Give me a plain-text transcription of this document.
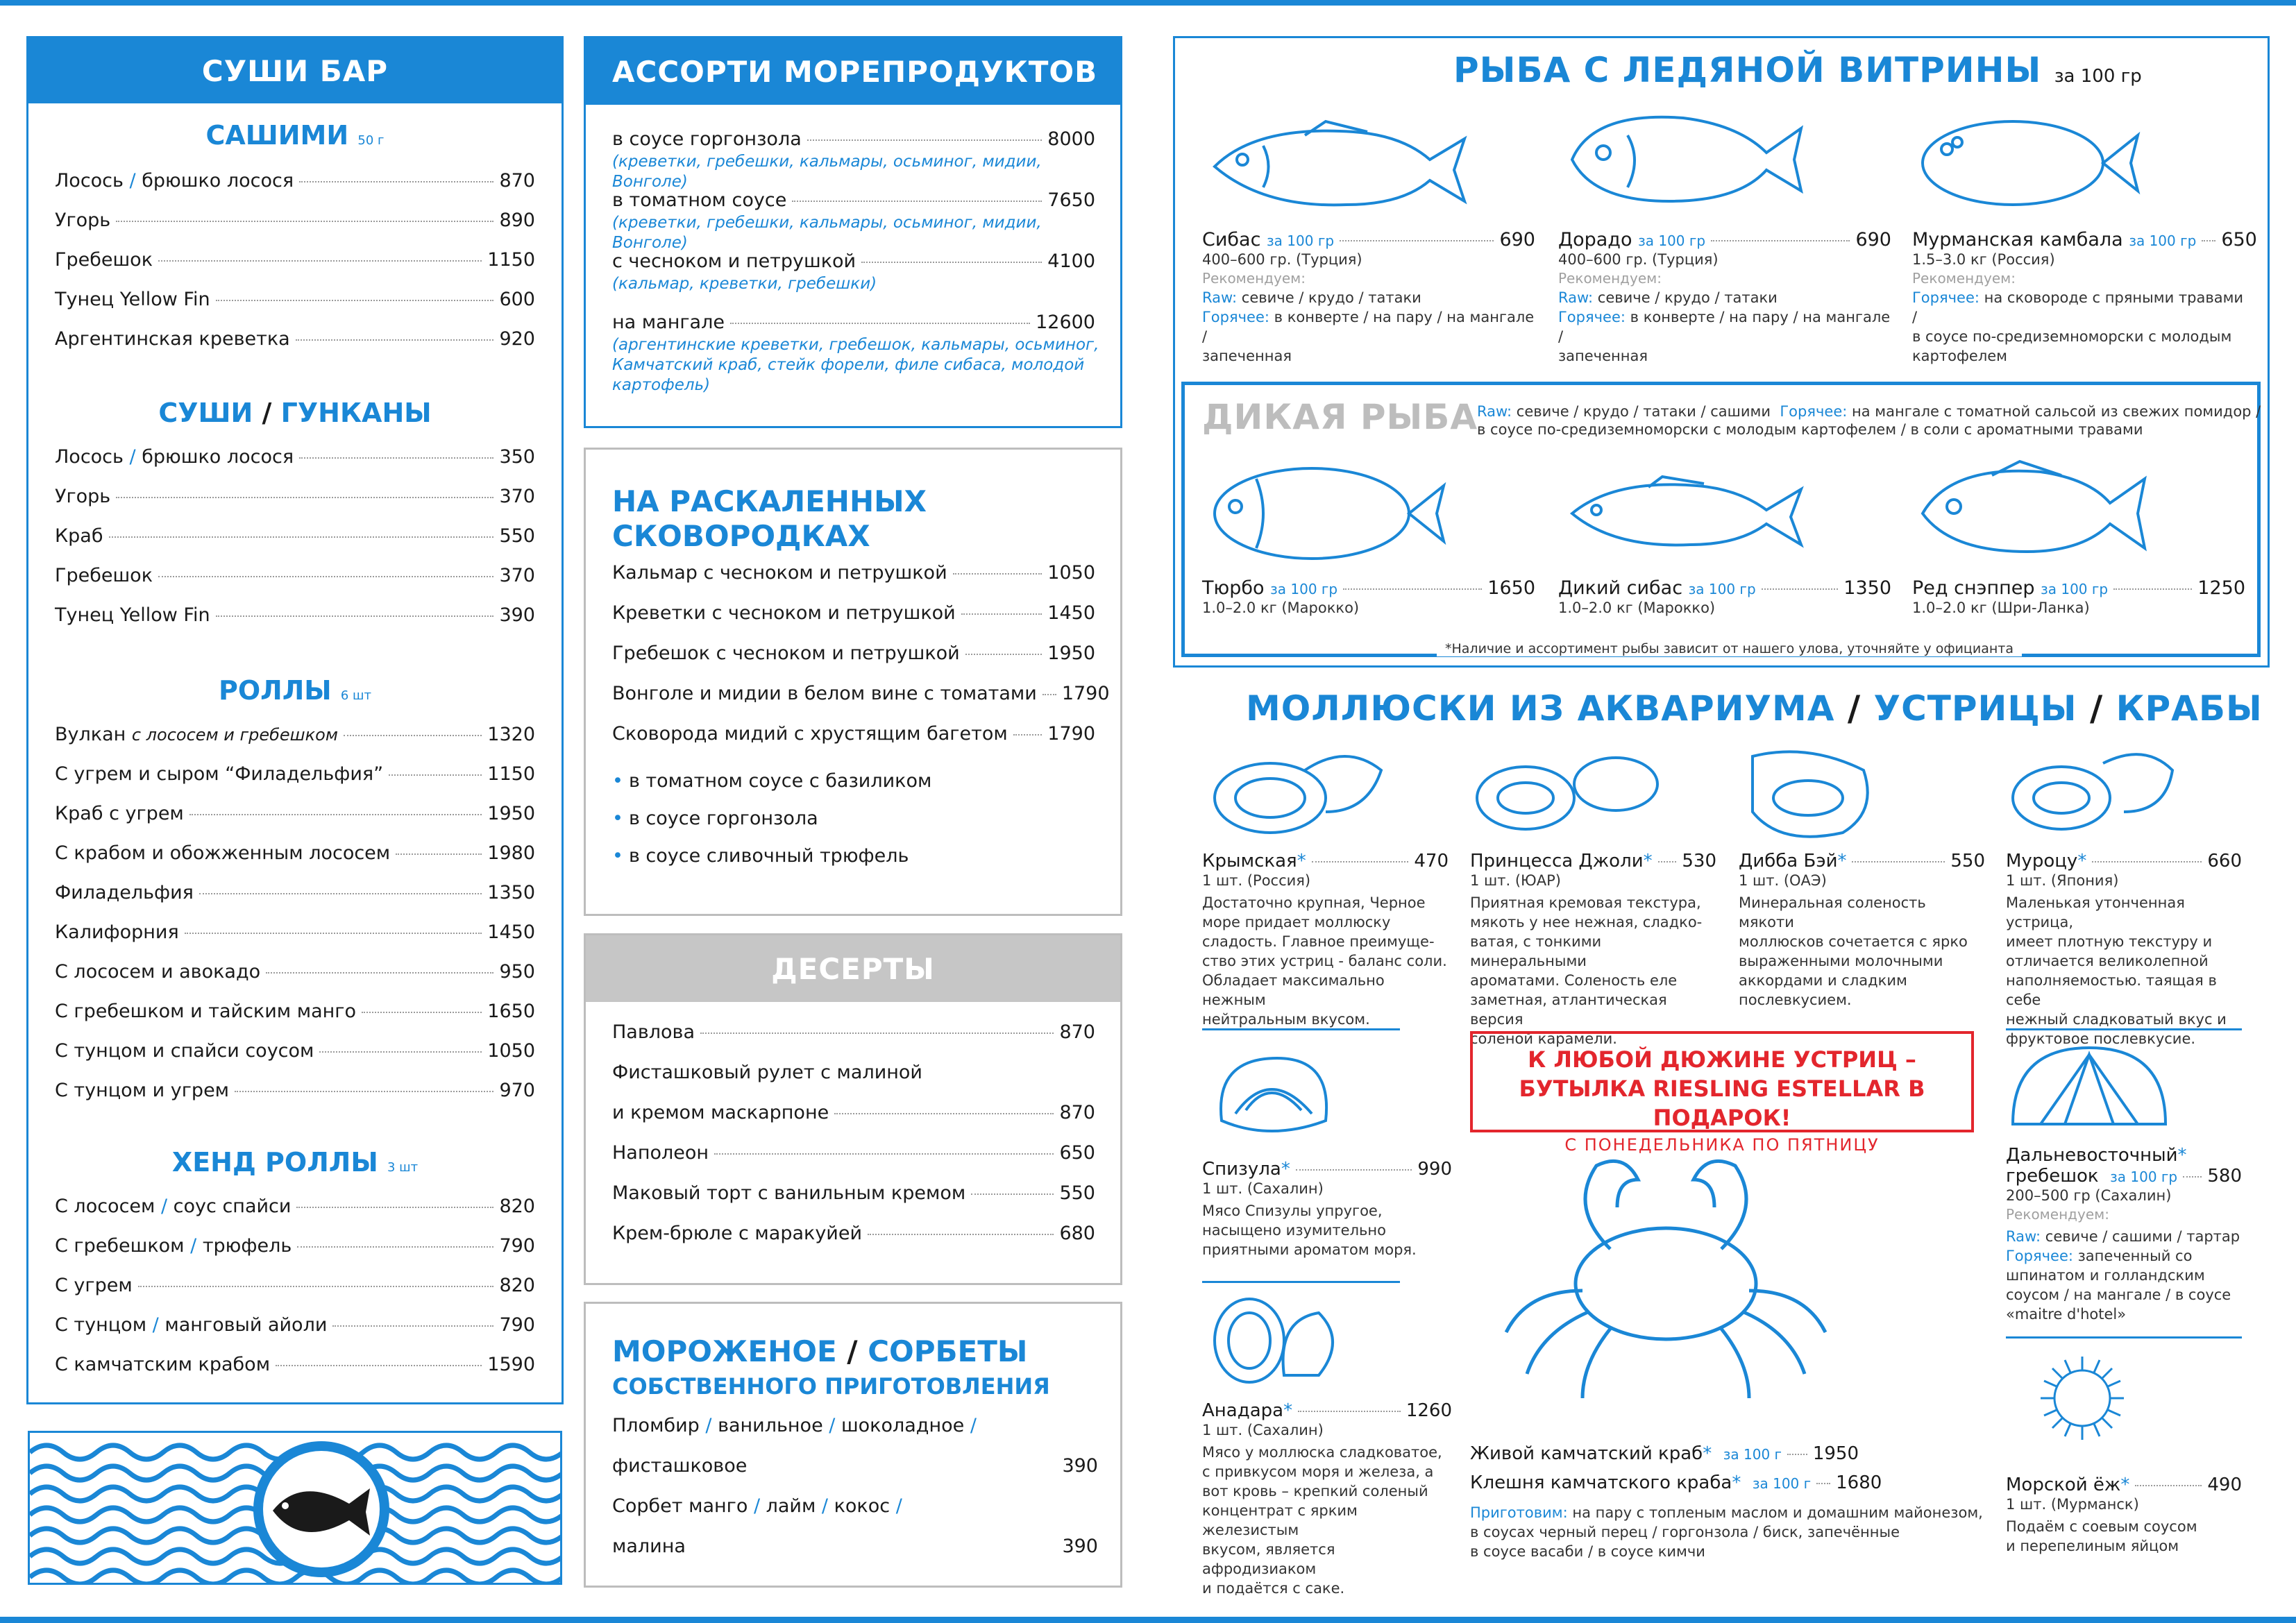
СУШИ БАР
САШИМИ 50 г
Лосось / брюшко лосося	870
Угорь	890
Гребешок	1150
Тунец Yellow Fin	600
Аргентинская креветка	920
СУШИ / ГУНКАНЫ
Лосось / брюшко лосося	350
Угорь	370
Краб	550
Гребешок	370
Тунец Yellow Fin	390
РОЛЛЫ 6 шт
Вулкан с лососем и гребешком	1320
С угрем и сыром “Филадельфия”	1150
Краб с угрем	1950
С крабом и обожженным лососем	1980
Филадельфия	1350
Калифорния	1450
С лососем и авокадо	950
С гребешком и тайским манго	1650
С тунцом и спайси соусом	1050
С тунцом и угрем	970
ХЕНД РОЛЛЫ 3 шт
С лососем / соус спайси	820
С гребешком / трюфель	790
С угрем	820
С тунцом / манговый айоли	790
С камчатским крабом	1590
АССОРТИ МОРЕПРОДУКТОВ
в соусе горгонзола	8000
(креветки, гребешки, кальмары, осьминог, мидии, Вонголе)
в томатном соусе	7650
(креветки, гребешки, кальмары, осьминог, мидии, Вонголе)
с чесноком и петрушкой	4100
(кальмар, креветки, гребешки)
на мангале	12600
(аргентинские креветки, гребешок, кальмары, осьминог,
Камчатский краб, стейк форели, филе сибаса, молодой
картофель)
НА РАСКАЛЕННЫХ
СКОВОРОДКАХ
Кальмар с чесноком и петрушкой	1050
Креветки с чесноком и петрушкой	1450
Гребешок с чесноком и петрушкой	1950
Вонголе и мидии в белом вине с томатами 1790
Сковорода мидий с хрустящим багетом 1790
• в томатном соусе с базиликом
• в соусе горгонзола
• в соусе сливочный трюфель
ДЕСЕРТЫ
Павлова	870
Фисташковый рулет с малиной
и кремом маскарпоне	870
Наполеон	650
Маковый торт с ванильным кремом	550
Крем-брюле с маракуйей	680
МОРОЖЕНОЕ / СОРБЕТЫ
СОБСТВЕННОГО ПРИГОТОВЛЕНИЯ
Пломбир / ванильное / шоколадное /
фисташковое	390
Сорбет манго / лайм / кокос /
малина	390
РЫБА С ЛЕДЯНОЙ ВИТРИНЫ за 100 гр
Сибас за 100 гр	690
400–600 гр. (Турция)
Рекомендуем:
Raw: севиче / крудо / татаки
Горячее: в конверте / на пару / на мангале /
запеченная
Дорадо за 100 гр	690
400–600 гр. (Турция)
Рекомендуем:
Raw: севиче / крудо / татаки
Горячее: в конверте / на пару / на мангале /
запеченная
Мурманская камбала за 100 гр 650
1.5–3.0 кг (Россия)
Рекомендуем:
Горячее: на сковороде с пряными травами /
в соусе по-средиземноморски с молодым
картофелем
ДИКАЯ РЫБА
Raw: севиче / крудо / татаки / сашими Горячее: на мангале с томатной сальсой из свежих помидор /
в соусе по-средиземноморски с молодым картофелем / в соли с ароматными травами
Тюрбо за 100 гр	1650
1.0–2.0 кг (Марокко)
Дикий сибас за 100 гр	1350
1.0–2.0 кг (Марокко)
Ред снэппер за 100 гр	1250
1.0–2.0 кг (Шри-Ланка)
*Наличие и ассортимент рыбы зависит от нашего улова, уточняйте у официанта
МОЛЛЮСКИ ИЗ АКВАРИУМА / УСТРИЦЫ / КРАБЫ
Крымская*	470
1 шт. (Россия)
Достаточно крупная, Черное
море придает моллюску
сладость. Главное преимуще-
ство этих устриц - баланс соли.
Обладает максимально нежным
нейтральным вкусом.
Принцесса Джоли* 530
1 шт. (ЮАР)
Приятная кремовая текстура,
мякоть у нее нежная, сладко-
ватая, с тонкими минеральными
ароматами. Соленость еле
заметная, атлантическая версия
соленой карамели.
Дибба Бэй*	550
1 шт. (ОАЭ)
Минеральная соленость мякоти
моллюсков сочетается с ярко
выраженными молочными
аккордами и сладким
послевкусием.
Муроцу*	660
1 шт. (Япония)
Маленькая утонченная устрица,
имеет плотную текстуру и
отличается великолепной
наполняемостью. таящая в себе
нежный сладковатый вкус и
фруктовое послевкусие.
Спизула*	990
1 шт. (Сахалин)
Мясо Спизулы упругое,
насыщено изумительно
приятными ароматом моря.
Анадара*	1260
1 шт. (Сахалин)
Мясо у моллюска сладковатое,
с привкусом моря и железа, а
вот кровь – крепкий соленый
концентрат с ярким железистым
вкусом, является афродизиаком
и подаётся с саке.
К ЛЮБОЙ ДЮЖИНЕ УСТРИЦ –
БУТЫЛКА RIESLING ESTELLAR В ПОДАРОК!
С ПОНЕДЕЛЬНИКА ПО ПЯТНИЦУ
Живой камчатский краб* за 100 г 1950
Клешня камчатского краба* за 100 г 1680
Приготовим: на пару с топленым маслом и домашним майонезом,
в соусах черный перец / горгонзола / биск, запечённые
в соусе васаби / в соусе кимчи
Дальневосточный*
гребешок за 100 гр 580
200–500 гр (Сахалин)
Рекомендуем:
Raw: севиче / сашими / тартар
Горячее: запеченный со
шпинатом и голландским
соусом / на мангале / в соусе
«maitre d'hotel»
Морской ёж*	490
1 шт. (Мурманск)
Подаём с соевым соусом
и перепелиным яйцом
